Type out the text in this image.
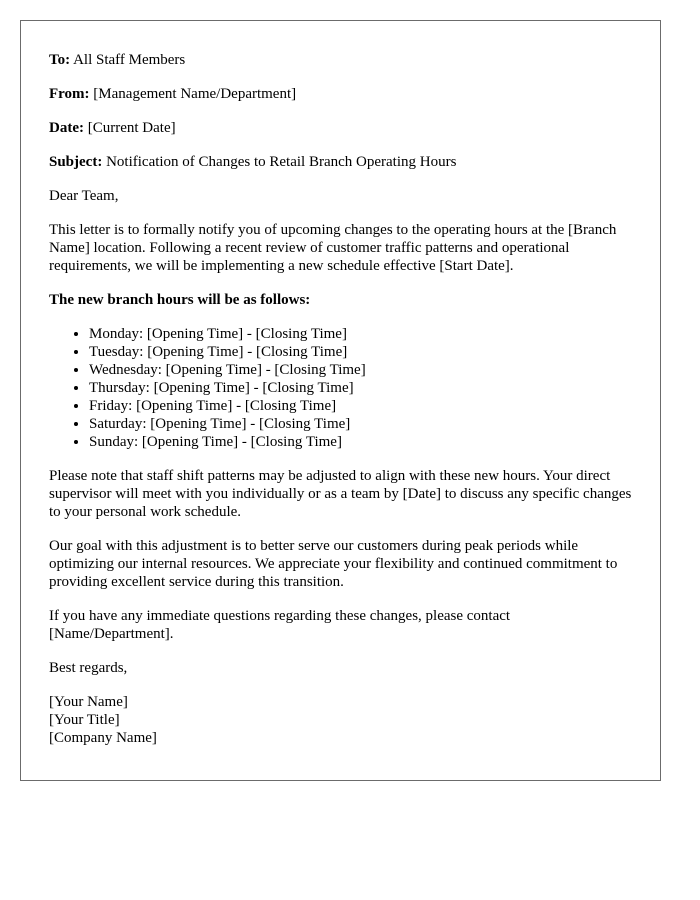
To: All Staff Members

From: [Management Name/Department]

Date: [Current Date]

Subject: Notification of Changes to Retail Branch Operating Hours

Dear Team,

This letter is to formally notify you of upcoming changes to the operating hours at the [Branch Name] location. Following a recent review of customer traffic patterns and operational requirements, we will be implementing a new schedule effective [Start Date].

The new branch hours will be as follows:

• Monday: [Opening Time] - [Closing Time]
• Tuesday: [Opening Time] - [Closing Time]
• Wednesday: [Opening Time] - [Closing Time]
• Thursday: [Opening Time] - [Closing Time]
• Friday: [Opening Time] - [Closing Time]
• Saturday: [Opening Time] - [Closing Time]
• Sunday: [Opening Time] - [Closing Time]

Please note that staff shift patterns may be adjusted to align with these new hours. Your direct supervisor will meet with you individually or as a team by [Date] to discuss any specific changes to your personal work schedule.

Our goal with this adjustment is to better serve our customers during peak periods while optimizing our internal resources. We appreciate your flexibility and continued commitment to providing excellent service during this transition.

If you have any immediate questions regarding these changes, please contact [Name/Department].

Best regards,

[Your Name]

[Your Title]

[Company Name]
